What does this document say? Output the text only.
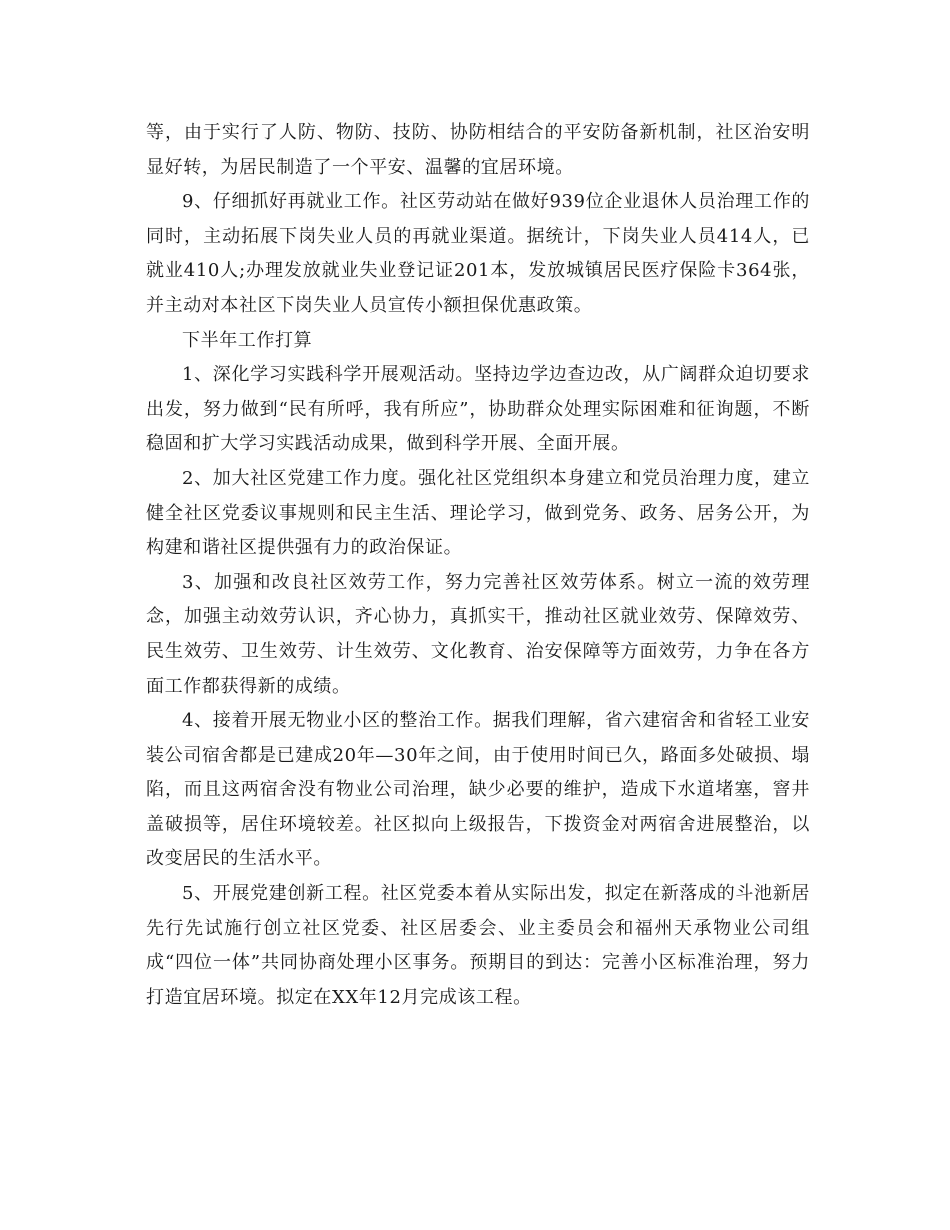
等，由于实行了人防、物防、技防、协防相结合的平安防备新机制，社区治安明显好转，为居民制造了一个平安、温馨的宜居环境。

9、仔细抓好再就业工作。社区劳动站在做好939位企业退休人员治理工作的同时，主动拓展下岗失业人员的再就业渠道。据统计，下岗失业人员414人，已就业410人;办理发放就业失业登记证201本，发放城镇居民医疗保险卡364张，并主动对本社区下岗失业人员宣传小额担保优惠政策。

下半年工作打算

1、深化学习实践科学开展观活动。坚持边学边查边改，从广阔群众迫切要求出发，努力做到“民有所呼，我有所应”，协助群众处理实际困难和征询题，不断稳固和扩大学习实践活动成果，做到科学开展、全面开展。

2、加大社区党建工作力度。强化社区党组织本身建立和党员治理力度，建立健全社区党委议事规则和民主生活、理论学习，做到党务、政务、居务公开，为构建和谐社区提供强有力的政治保证。

3、加强和改良社区效劳工作，努力完善社区效劳体系。树立一流的效劳理念，加强主动效劳认识，齐心协力，真抓实干，推动社区就业效劳、保障效劳、民生效劳、卫生效劳、计生效劳、文化教育、治安保障等方面效劳，力争在各方面工作都获得新的成绩。

4、接着开展无物业小区的整治工作。据我们理解，省六建宿舍和省轻工业安装公司宿舍都是已建成20年—30年之间，由于使用时间已久，路面多处破损、塌陷，而且这两宿舍没有物业公司治理，缺少必要的维护，造成下水道堵塞，窨井盖破损等，居住环境较差。社区拟向上级报告，下拨资金对两宿舍进展整治，以改变居民的生活水平。

5、开展党建创新工程。社区党委本着从实际出发，拟定在新落成的斗池新居先行先试施行创立社区党委、社区居委会、业主委员会和福州天承物业公司组成“四位一体”共同协商处理小区事务。预期目的到达：完善小区标准治理，努力打造宜居环境。拟定在XX年12月完成该工程。
